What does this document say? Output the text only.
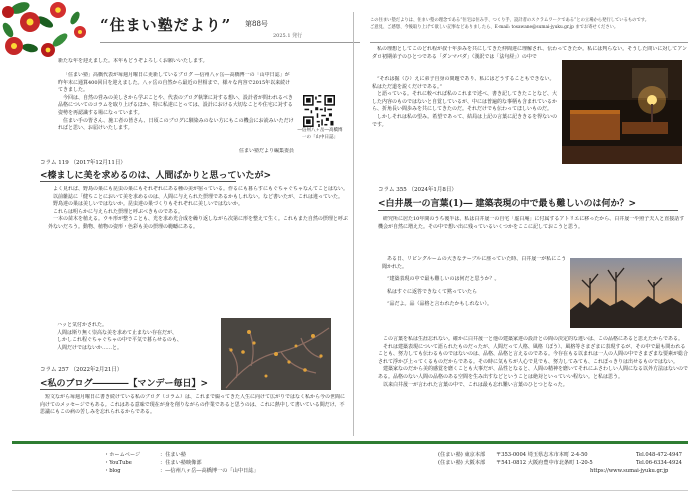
“住まい塾だより” 第88号
2025.1 発行
新たな年を迎えました。本年もどうぞよろしくお願いいたします。

「住まい塾」高橋代表が毎週月曜日に更新しているブログ ―信州八ヶ岳―高橋博一の「山中日誌」が昨年末に通算400回目を迎えました。八ヶ岳の自然から最近の世相まで、様々な内容で2015年以来続けてきました。

今回は、自然の営みの美しさから学ぶことや、代表のブログ執筆に対する想い、設計者が問われるべき品格についてのコラムを取り上げるほか、特に私達にとっては、設計における大切なことや住宅に対する姿勢を再認識する場になっています。

住まい手の皆さん、施工者の皆さん、日頃このブログに馴染みのない方にもこの機会にお読みいただければと思い、お届けいたします。

住まい塾だより編集委員
―信州八ヶ岳―高橋博一の「山中日誌」
コラム 119 （2017年12月11日）
<榛ましに美を求めるのは、人間ばかりと思っていたが>

よく見れば、野鳥の巣にも昆虫の巣にもそれぞれにある種の美が宿っている。作るにも暮らすにもぐちゃぐちゃなんてことはない。

以前雑誌に「健ちことにおいて美を求めるのは、人間に与えられた摂理であるかもしれない。など書いたが、これは違っていた。

野鳥達の巣は美しいではないか。昆虫達の巣づくりもそれぞれに美しいではないか。

これらは明らかに与えられた摂理と呼ぶべきものである。

一本の苗木を植える。ウキ形が整うことも、光を求め光合成を繰り返しながら次第に形を整えて生く。これもまた自然の摂理と呼ぶ外ないだろう。動物、植物の姿形・色彩も美の摂理の範疇にある。

ハッと気付かされた。

人間は斯り無く崇高な美を求めて止まない存在だが、

しかしこれ程ぐちゃぐちゃの中で平気で暮らせるのも、

人間だけではないか……と。

コラム 257 （2022年2月21日）
<私のブログ――――【マンデー毎日】>

短文ながら毎週月曜日に書き続けている私のブログ（コラム）は、これまで綴ってきた人生に向けて広がりではなく私から今の世間に向けてのメッセージでもある。これはある意味で現在が身を削りながらの作業であると思うのは、これに熱中して書いている間だけ、不思議にもこの病の苦しみを忘れられるからである。

この住まい塾だよりは、住まい塾の理念である“住宅は住み手、つくり手、設計者のスクラムワークである”との立場から発行しているものです。
ご意見、ご感想、今後取り上げて欲しい記事などありましたら、E-mail: tosawane@sumai-jyuku.gr.jp までお寄せください。

私の理想としてこのどれ程が叔十年歩みを共にしてきた仲間達に理解され、伝わってきたか。私には判らない。そうした問いに対してアンダロ初期弟子のひとつである「ダンマパダ」（漢訳では「法句経」）の中で

“それは掘（ひ）えに弟子自身の問題であり、私にはどうすることもできない。私はただ道を説くだけである。”

と語っている。それに較べれば私のこれまで述べ、書き記してきたことなど、大した内容のものではないと自覚しているが、中には普遍的な事柄も含まれているから、折角長い間歩みを共にしてきたのだ。それだけでも伝わってほしいものだ。

しかしそれは私の望み。希望であって、結局は上記の言葉に記ききるを得ないのです。

コラム 355 （2024年1月8日）
<白井晟一の言葉(1)― 建築表現の中で最も難しいのは何か？>

研究所に居た10年間のうち後半は、私は白井晟一の自宅「虚白庵」に付属するアトリエに移ったから、白井晟一や照子夫人と直接話す機会が自然に増えた。その中で想い出に残っているいくつかをここに記しておこうと思う。

ある日、リビングルームの大きなテーブルに座っていた時、白井晟一が私にこう聞かれた。

“建築表現の中で最も難しいのは何だと思うか？。

私はすぐに返答できなくて黙っていたら

“品だよ。品（品格と言われたかもしれない）。

この言葉を私は生涯忘れない。確かに白井晟一と他の建築家達の設計との間の決定的な違いは、この品格にあると思えたからである。

それは建築表現について語られたものだったが、人間だって人格、風格（ぼう）、風格等さまざまに表現するが、その中で最も問われることも、努力しても伝わるものではないのは、品格、品格と言えるのである。今存在もる以まれは一人の人間の中でさまざまな要素が総合されて浮かび上ってくるものだからである。その時に気もちが人心で見でも、努力してみても、これぽっきりは出せるものではない。

建築家なのだから美的感覚を磨くことも大事だが、品性となると、人間の精神を磨いてそれにふさわしい人間になる以外方法はないのである。品格のない人間の品格のある空間を生み出すなどということは絶対といっていい程ない。と私は思う。

以来白井晟一が言われた言葉の中で、これは最も忘れ難い言葉のひとつとなった。

・ホームページ
・YouTube
・blog
：住まい塾
：住まい塾映像部
：―信州八ヶ岳―高橋博一の「山中日誌」
(住まい塾) 東京本部
(住まい塾) 大阪本部
〒353-0004 埼玉県志木市本町 2-4-50
〒541-0812 大阪府豊中市北条町 1-20-5
Tel.048-472-4947
Tel.06-6334-4924
https://www.sumai-jyuku.gr.jp
